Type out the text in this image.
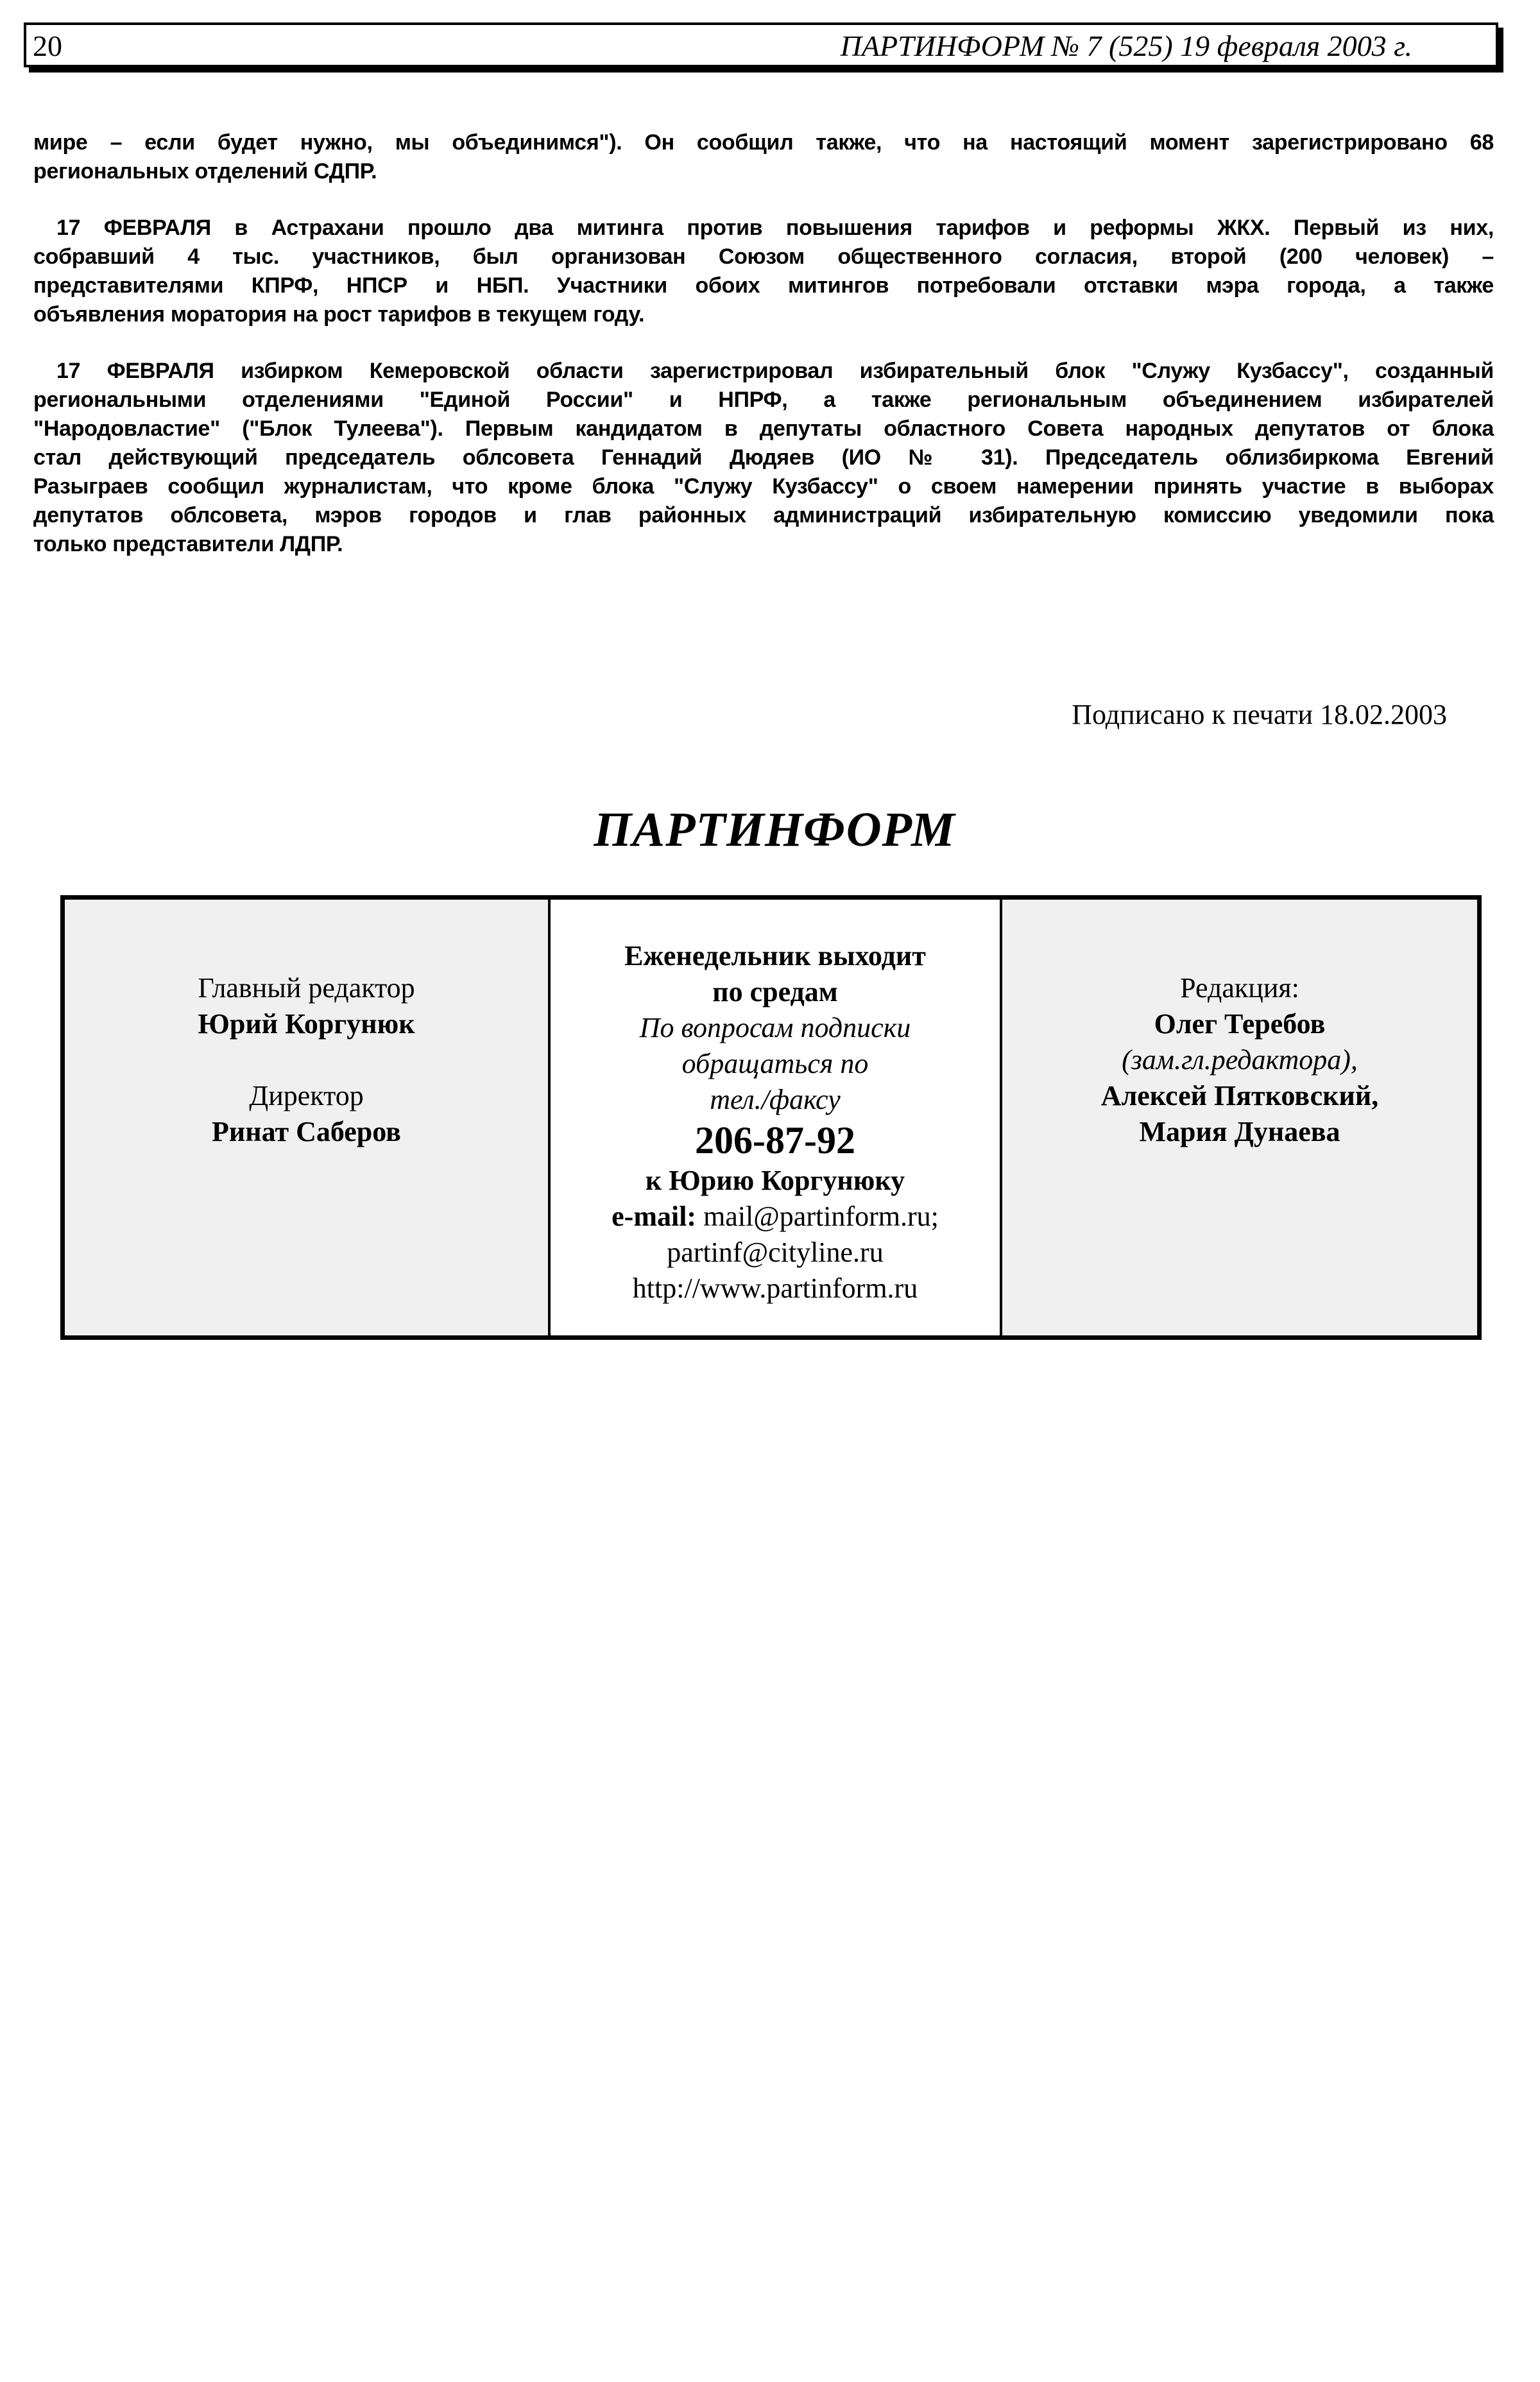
20	ПАРТИНФОРМ № 7 (525) 19 февраля 2003 г.
мире – если будет нужно, мы объединимся"). Он сообщил также, что на настоящий момент зарегистрировано 68
региональных отделений СДПР.
17 ФЕВРАЛЯ в Астрахани прошло два митинга против повышения тарифов и реформы ЖКХ. Первый из них,
собравший 4 тыс. участников, был организован Союзом общественного согласия, второй (200 человек) –
представителями КПРФ, НПСР и НБП. Участники обоих митингов потребовали отставки мэра города, а также
объявления моратория на рост тарифов в текущем году.
17 ФЕВРАЛЯ избирком Кемеровской области зарегистрировал избирательный блок "Служу Кузбассу", созданный
региональными отделениями "Единой России" и НПРФ, а также региональным объединением избирателей
"Народовластие" ("Блок Тулеева"). Первым кандидатом в депутаты областного Совета народных депутатов от блока
стал действующий председатель облсовета Геннадий Дюдяев (ИО № 31). Председатель облизбиркома Евгений
Разыграев сообщил журналистам, что кроме блока "Служу Кузбассу" о своем намерении принять участие в выборах
депутатов облсовета, мэров городов и глав районных администраций избирательную комиссию уведомили пока
только представители ЛДПР.
Подписано к печати 18.02.2003
ПАРТИНФОРМ
Главный редактор
Юрий Коргунюк
Директор
Ринат Саберов
Еженедельник выходит
по средам
По вопросам подписки
обращаться по
тел./факсу
206-87-92
к Юрию Коргунюку
e-mail: mail@partinform.ru;
partinf@cityline.ru
http://www.partinform.ru
Редакция:
Олег Теребов
(зам.гл.редактора),
Алексей Пятковский,
Мария Дунаева
